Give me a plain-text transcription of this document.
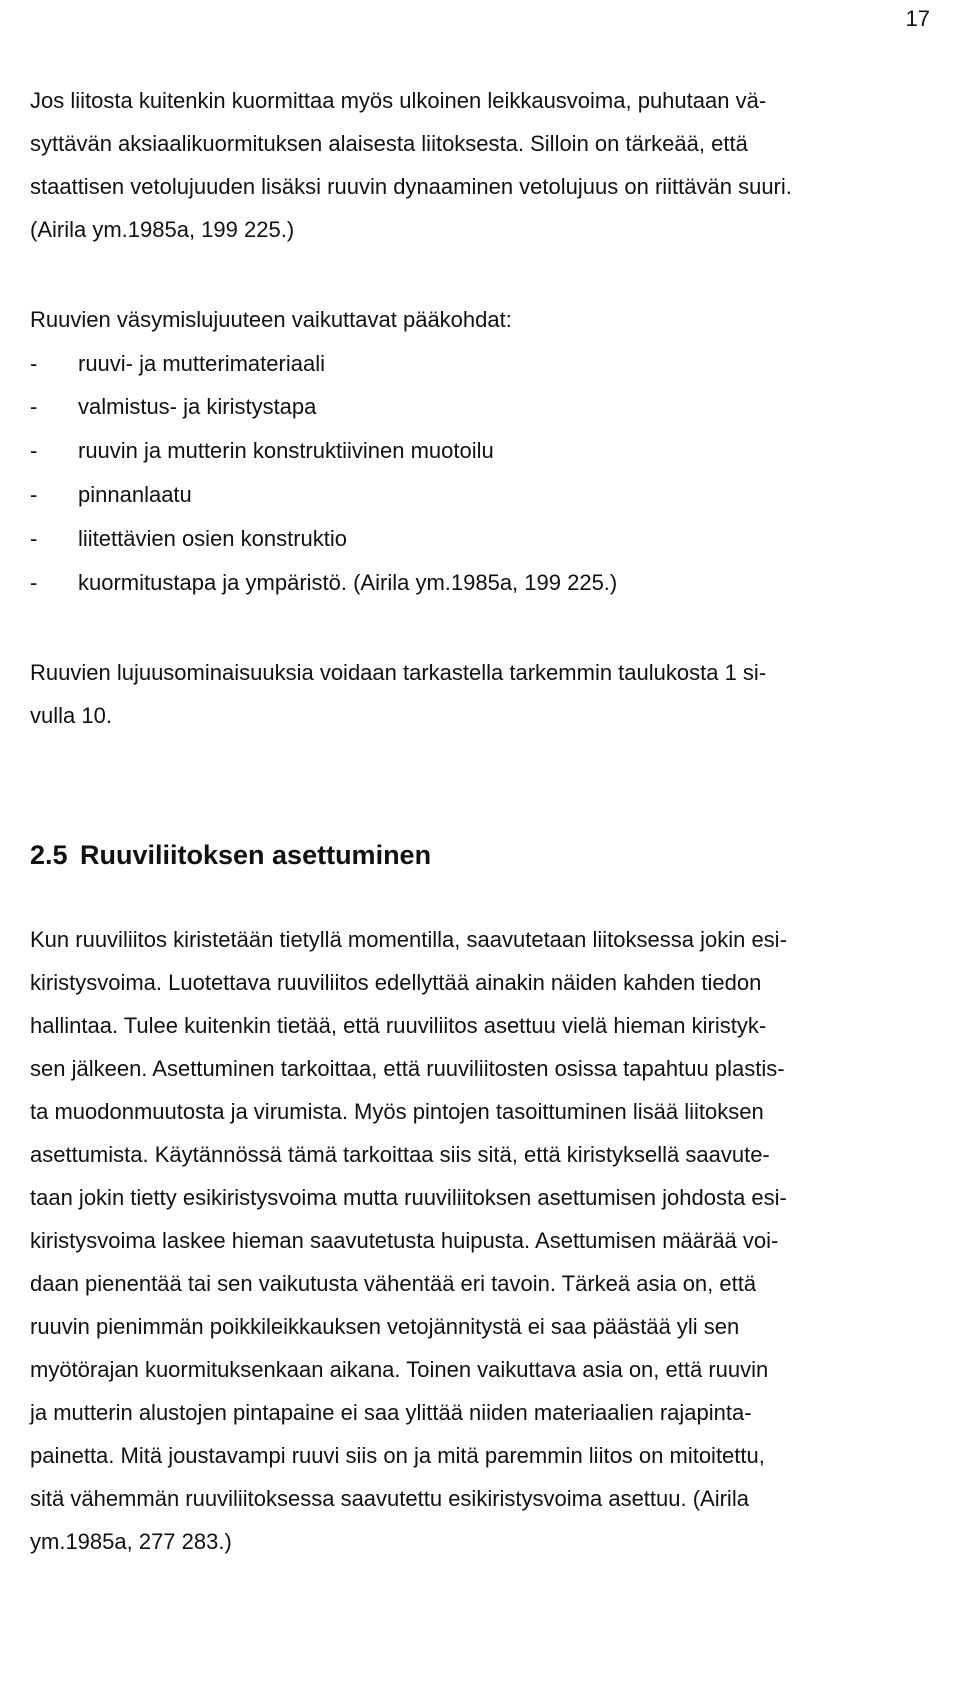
17
Jos liitosta kuitenkin kuormittaa myös ulkoinen leikkausvoima, puhutaan vä-
syttävän aksiaalikuormituksen alaisesta liitoksesta. Silloin on tärkeää, että
staattisen vetolujuuden lisäksi ruuvin dynaaminen vetolujuus on riittävän suuri.
(Airila ym.1985a, 199 225.)
Ruuvien väsymislujuuteen vaikuttavat pääkohdat:
- ruuvi- ja mutterimateriaali
- valmistus- ja kiristystapa
- ruuvin ja mutterin konstruktiivinen muotoilu
- pinnanlaatu
- liitettävien osien konstruktio
- kuormitustapa ja ympäristö. (Airila ym.1985a, 199 225.)
Ruuvien lujuusominaisuuksia voidaan tarkastella tarkemmin taulukosta 1 si-
vulla 10.
2.5 Ruuviliitoksen asettuminen
Kun ruuviliitos kiristetään tietyllä momentilla, saavutetaan liitoksessa jokin esi-
kiristysvoima. Luotettava ruuviliitos edellyttää ainakin näiden kahden tiedon
hallintaa. Tulee kuitenkin tietää, että ruuviliitos asettuu vielä hieman kiristyk-
sen jälkeen. Asettuminen tarkoittaa, että ruuviliitosten osissa tapahtuu plastis-
ta muodonmuutosta ja virumista. Myös pintojen tasoittuminen lisää liitoksen
asettumista. Käytännössä tämä tarkoittaa siis sitä, että kiristyksellä saavute-
taan jokin tietty esikiristysvoima mutta ruuviliitoksen asettumisen johdosta esi-
kiristysvoima laskee hieman saavutetusta huipusta. Asettumisen määrää voi-
daan pienentää tai sen vaikutusta vähentää eri tavoin. Tärkeä asia on, että
ruuvin pienimmän poikkileikkauksen vetojännitystä ei saa päästää yli sen
myötörajan kuormituksenkaan aikana. Toinen vaikuttava asia on, että ruuvin
ja mutterin alustojen pintapaine ei saa ylittää niiden materiaalien rajapinta-
painetta. Mitä joustavampi ruuvi siis on ja mitä paremmin liitos on mitoitettu,
sitä vähemmän ruuviliitoksessa saavutettu esikiristysvoima asettuu. (Airila
ym.1985a, 277 283.)
